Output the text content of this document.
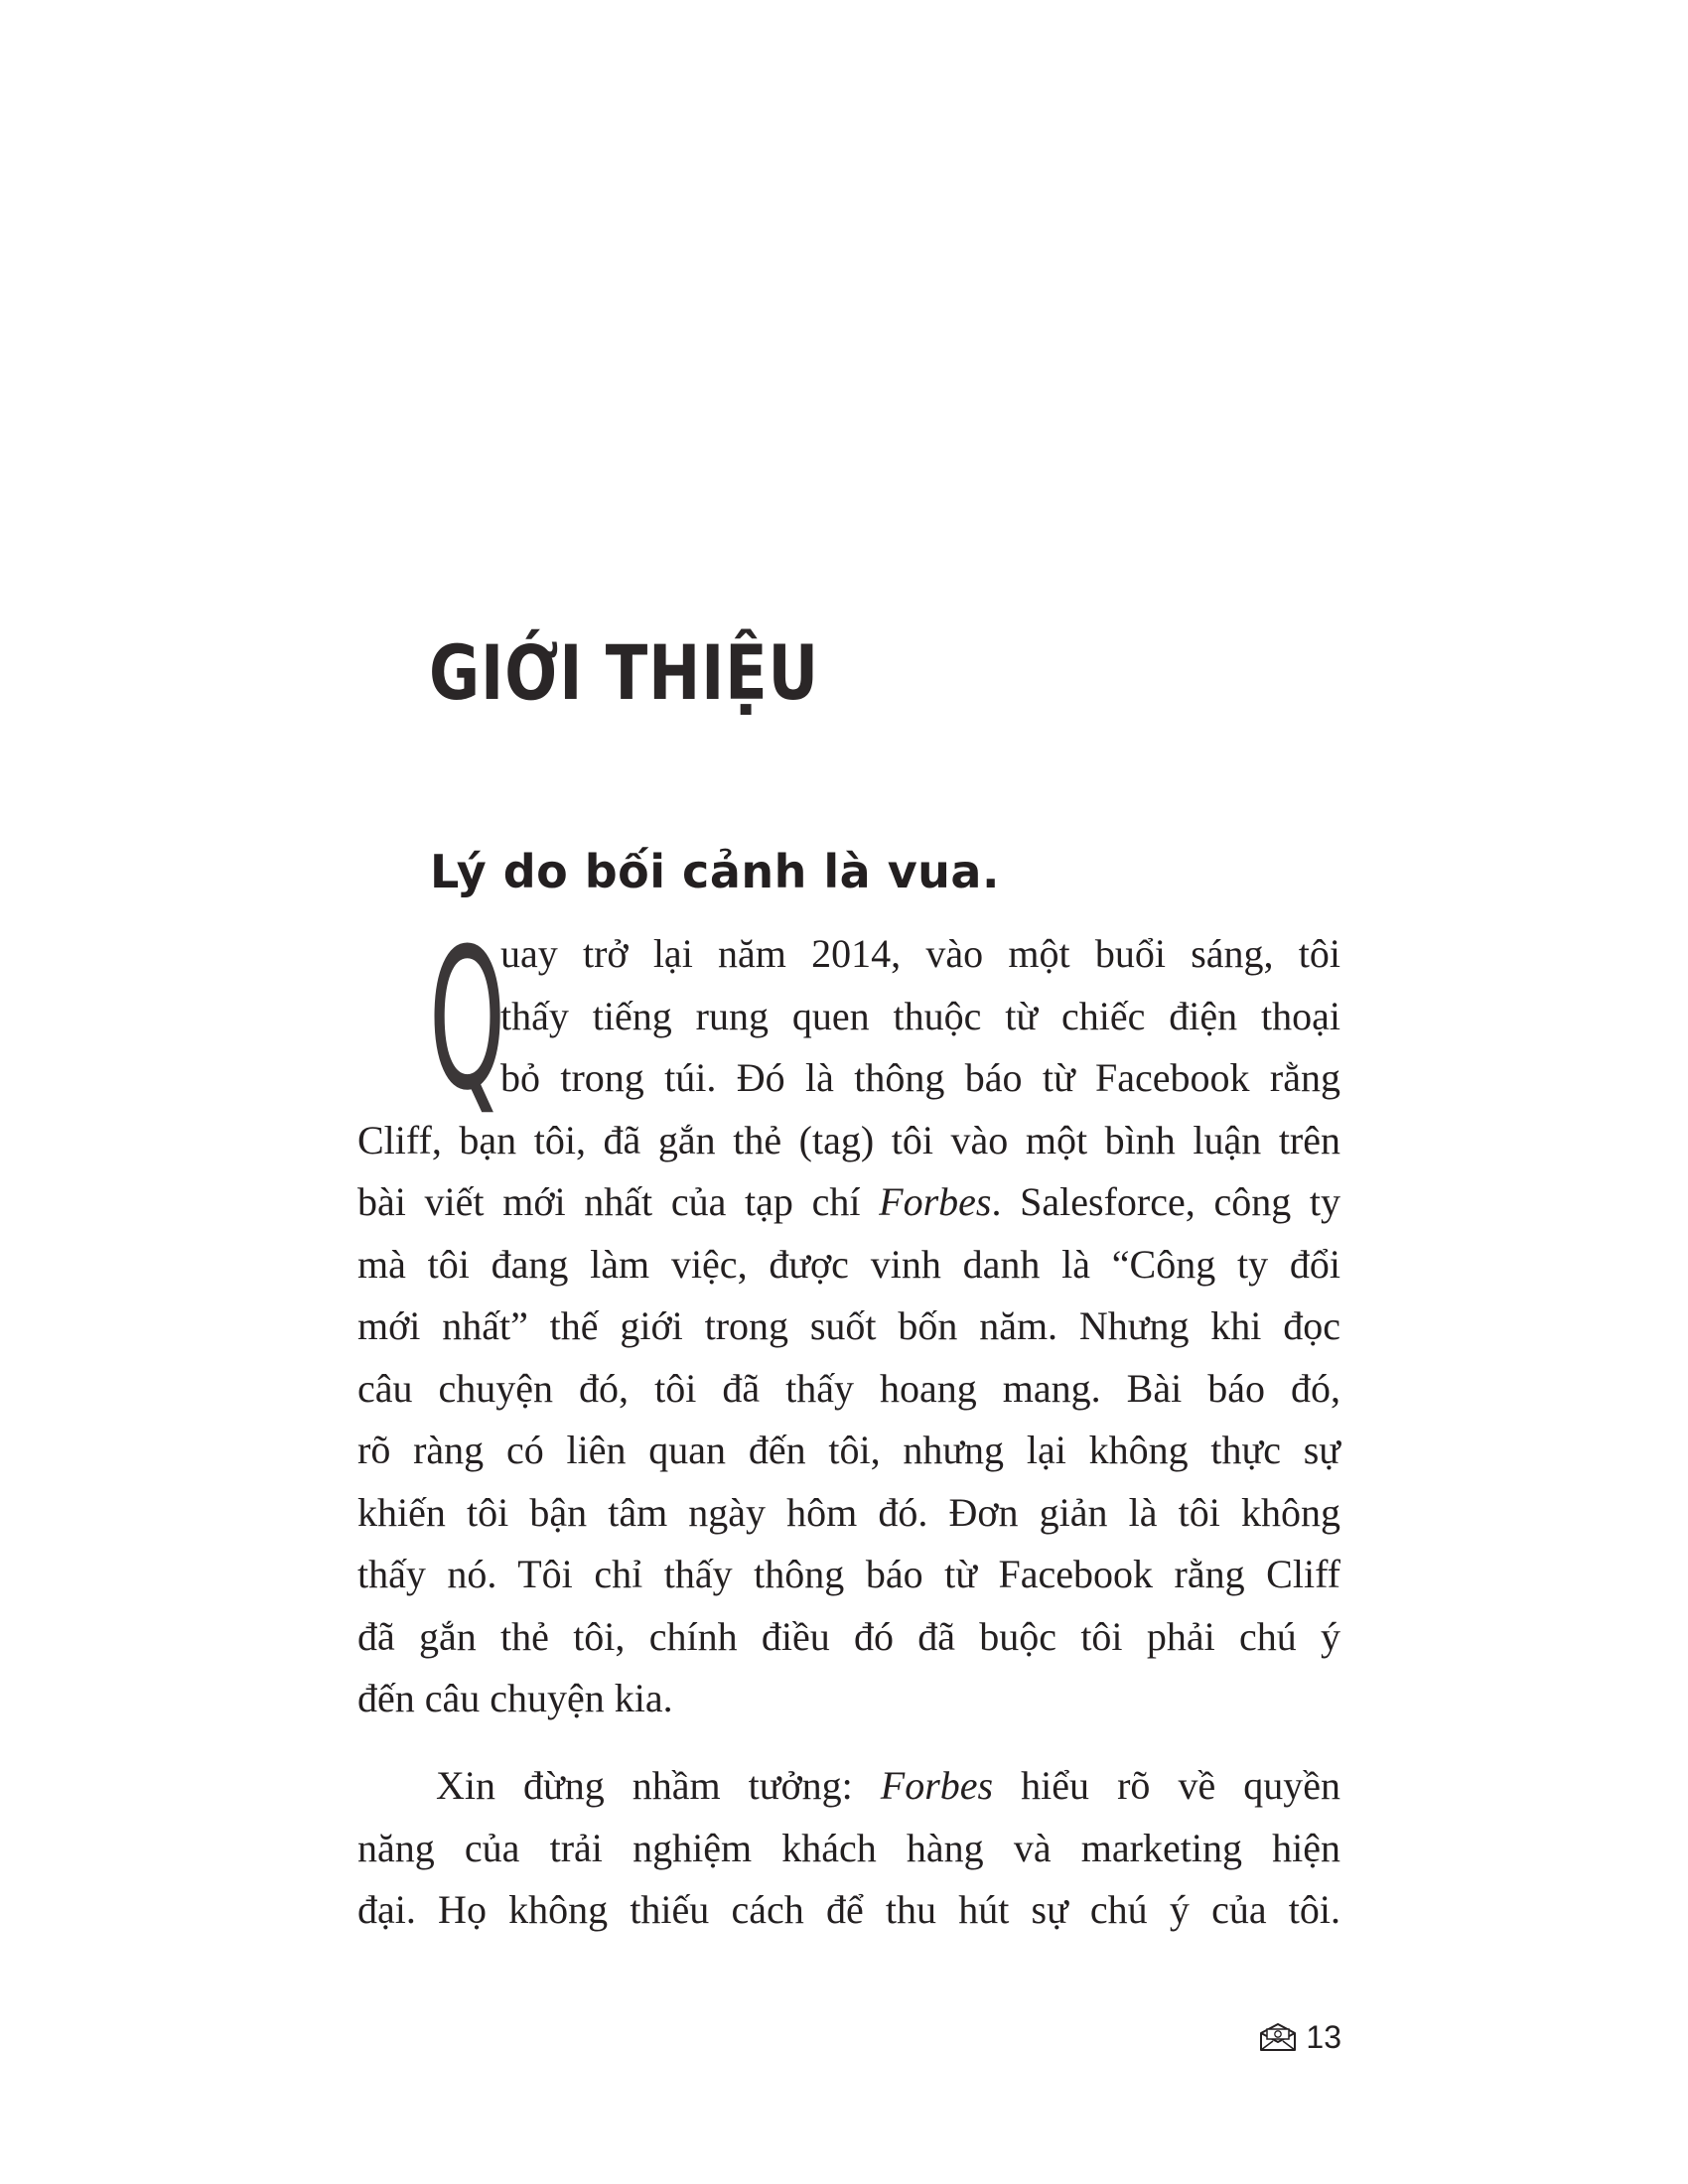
GIỚI THIỆU
Lý do bối cảnh là vua.
Q
uay trở lại năm 2014, vào một buổi sáng, tôi
thấy tiếng rung quen thuộc từ chiếc điện thoại
bỏ trong túi. Đó là thông báo từ Facebook rằng
Cliff, bạn tôi, đã gắn thẻ (tag) tôi vào một bình luận trên
bài viết mới nhất của tạp chí Forbes. Salesforce, công ty
mà tôi đang làm việc, được vinh danh là “Công ty đổi
mới nhất” thế giới trong suốt bốn năm. Nhưng khi đọc
câu chuyện đó, tôi đã thấy hoang mang. Bài báo đó,
rõ ràng có liên quan đến tôi, nhưng lại không thực sự
khiến tôi bận tâm ngày hôm đó. Đơn giản là tôi không
thấy nó. Tôi chỉ thấy thông báo từ Facebook rằng Cliff
đã gắn thẻ tôi, chính điều đó đã buộc tôi phải chú ý
đến câu chuyện kia.
Xin đừng nhầm tưởng: Forbes hiểu rõ về quyền
năng của trải nghiệm khách hàng và marketing hiện
đại. Họ không thiếu cách để thu hút sự chú ý của tôi.
13
